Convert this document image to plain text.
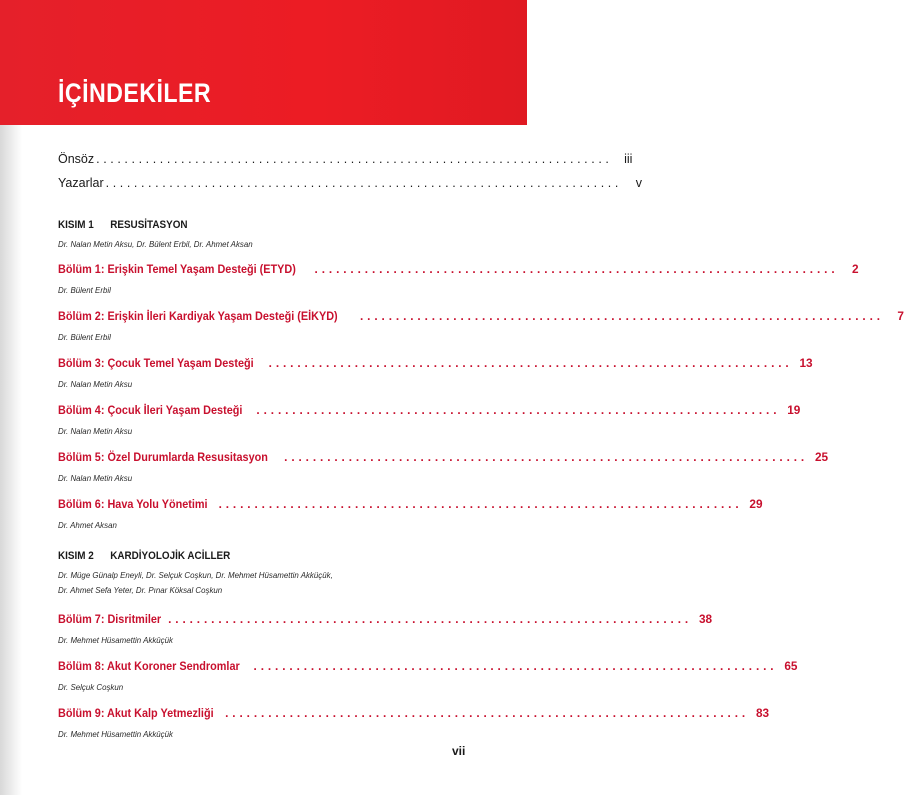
İÇİNDEKİLER
Önsöz ......................................................................... iii
Yazarlar .........................................................................	v
KISIM 1 RESUSİTASYON
Dr. Nalan Metin Aksu, Dr. Bülent Erbil, Dr. Ahmet Aksan
Bölüm 1: Erişkin Temel Yaşam Desteği (ETYD) .........................................................................	2
Dr. Bülent Erbil
Bölüm 2: Erişkin İleri Kardiyak Yaşam Desteği (EİKYD) .........................................................................	7
Dr. Bülent Erbil
Bölüm 3: Çocuk Temel Yaşam Desteği ......................................................................... 13
Dr. Nalan Metin Aksu
Bölüm 4: Çocuk İleri Yaşam Desteği ......................................................................... 19
Dr. Nalan Metin Aksu
Bölüm 5: Özel Durumlarda Resusitasyon ......................................................................... 25
Dr. Nalan Metin Aksu
Bölüm 6: Hava Yolu Yönetimi ......................................................................... 29
Dr. Ahmet Aksan
KISIM 2 KARDİYOLOJİK ACİLLER
Dr. Müge Günalp Eneyli, Dr. Selçuk Coşkun, Dr. Mehmet Hüsamettin Akküçük,
Dr. Ahmet Sefa Yeter, Dr. Pınar Köksal Coşkun
Bölüm 7: Disritmiler ......................................................................... 38
Dr. Mehmet Hüsamettin Akküçük
Bölüm 8: Akut Koroner Sendromlar ......................................................................... 65
Dr. Selçuk Coşkun
Bölüm 9: Akut Kalp Yetmezliği ......................................................................... 83
Dr. Mehmet Hüsamettin Akküçük
vii
